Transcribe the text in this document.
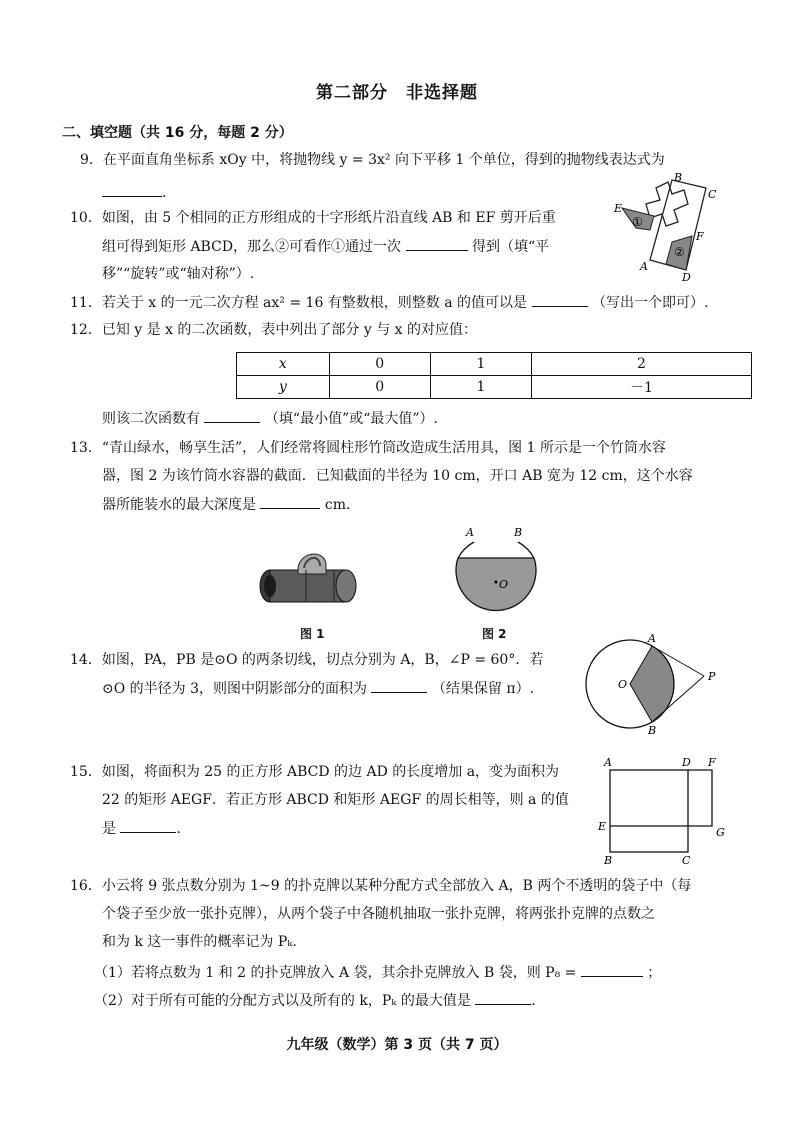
第二部分　非选择题
二、填空题（共 16 分，每题 2 分）
9．在平面直角坐标系 xOy 中，将抛物线 y = 3x² 向下平移 1 个单位，得到的抛物线表达式为
.
10．如图，由 5 个相同的正方形组成的十字形纸片沿直线 AB 和 EF 剪开后重
组可得到矩形 ABCD，那么②可看作①通过一次	得到（填“平
移”“旋转”或“轴对称”）.
B
C
E
F
A
D
①
②
11．若关于 x 的一元二次方程 ax² = 16 有整数根，则整数 a 的值可以是	（写出一个即可）.
12．已知 y 是 x 的二次函数，表中列出了部分 y 与 x 的对应值：
x	0	1	2
y	0	1	－1
则该二次函数有	（填“最小值”或“最大值”）.
13．“青山绿水，畅享生活”，人们经常将圆柱形竹筒改造成生活用具，图 1 所示是一个竹筒水容
器，图 2 为该竹筒水容器的截面．已知截面的半径为 10 cm，开口 AB 宽为 12 cm，这个水容
器所能装水的最大深度是	cm.
图 1
A	B
O
图 2
14．如图，PA，PB 是⊙O 的两条切线，切点分别为 A，B，∠P = 60°．若
⊙O 的半径为 3，则图中阴影部分的面积为	（结果保留 π）.
A
O
P
B
15．如图，将面积为 25 的正方形 ABCD 的边 AD 的长度增加 a，变为面积为
22 的矩形 AEGF．若正方形 ABCD 和矩形 AEGF 的周长相等，则 a 的值
是	.
A	D F
E	G
B	C
16．小云将 9 张点数分别为 1~9 的扑克牌以某种分配方式全部放入 A，B 两个不透明的袋子中（每
个袋子至少放一张扑克牌），从两个袋子中各随机抽取一张扑克牌，将两张扑克牌的点数之
和为 k 这一事件的概率记为 Pₖ.
（1）若将点数为 1 和 2 的扑克牌放入 A 袋，其余扑克牌放入 B 袋，则 P₈ =	；
（2）对于所有可能的分配方式以及所有的 k，Pₖ 的最大值是	.
九年级（数学）第 3 页（共 7 页）
